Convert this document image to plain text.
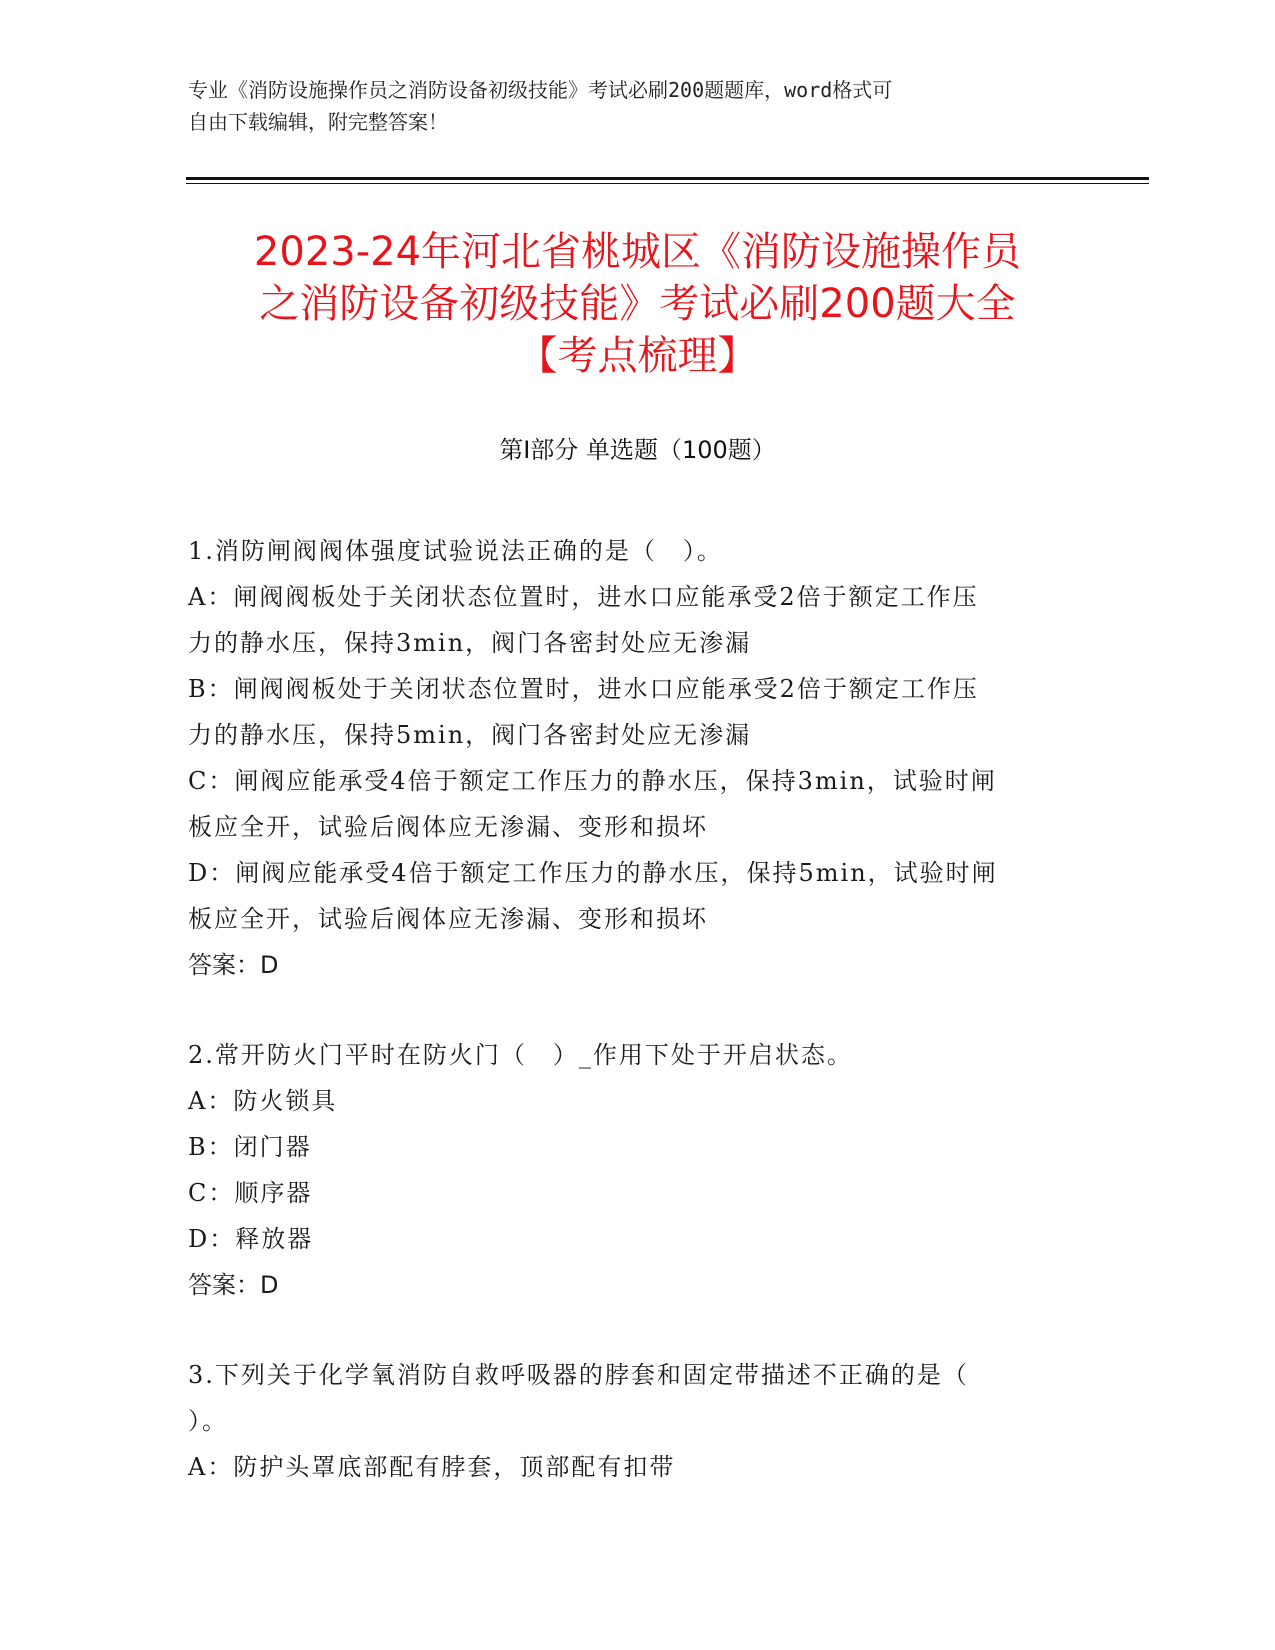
专业《消防设施操作员之消防设备初级技能》考试必刷200题题库，word格式可
自由下载编辑，附完整答案！
2023-24年河北省桃城区《消防设施操作员
之消防设备初级技能》考试必刷200题大全
【考点梳理】
第Ⅰ部分 单选题（100题）
1.消防闸阀阀体强度试验说法正确的是（　）。
A：闸阀阀板处于关闭状态位置时，进水口应能承受2倍于额定工作压
力的静水压，保持3min，阀门各密封处应无渗漏
B：闸阀阀板处于关闭状态位置时，进水口应能承受2倍于额定工作压
力的静水压，保持5min，阀门各密封处应无渗漏
C：闸阀应能承受4倍于额定工作压力的静水压，保持3min，试验时闸
板应全开，试验后阀体应无渗漏、变形和损坏
D：闸阀应能承受4倍于额定工作压力的静水压，保持5min，试验时闸
板应全开，试验后阀体应无渗漏、变形和损坏
答案：D
2.常开防火门平时在防火门（　）_作用下处于开启状态。
A：防火锁具
B：闭门器
C：顺序器
D：释放器
答案：D
3.下列关于化学氧消防自救呼吸器的脖套和固定带描述不正确的是（
）。
A：防护头罩底部配有脖套，顶部配有扣带
